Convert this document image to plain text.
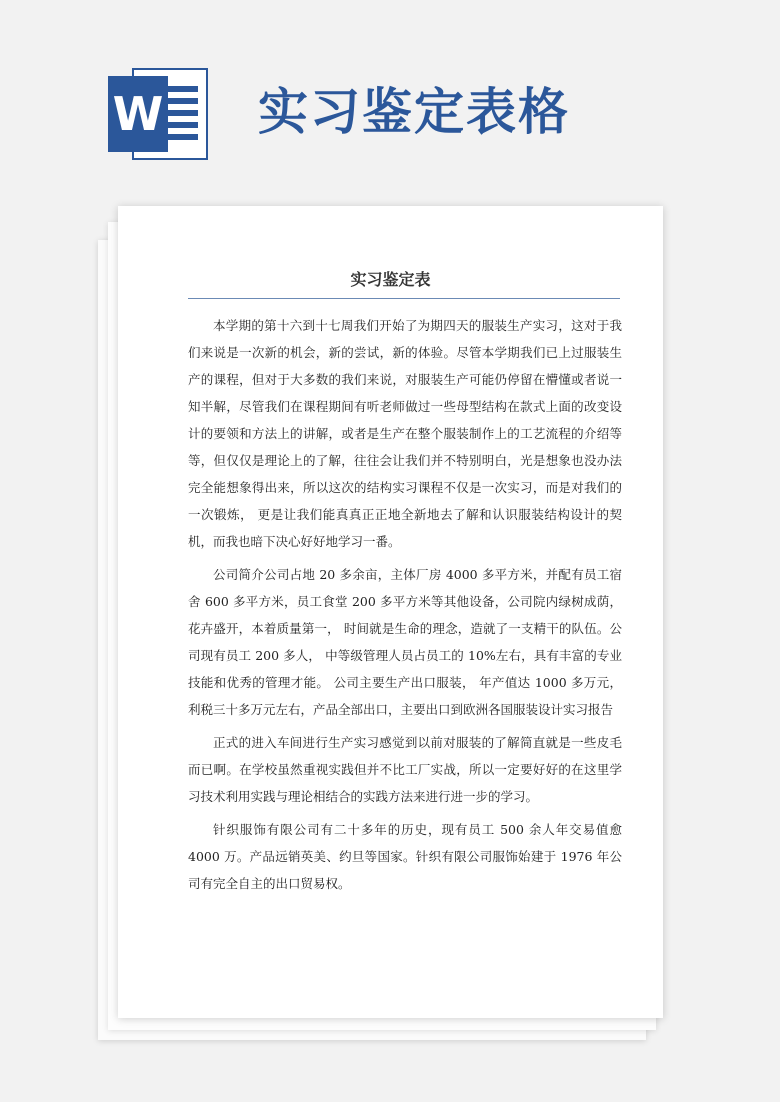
W 实习鉴定表格
实习鉴定表

本学期的第十六到十七周我们开始了为期四天的服装生产实习，这对于我们来说是一次新的机会，新的尝试，新的体验。尽管本学期我们已上过服装生产的课程，但对于大多数的我们来说，对服装生产可能仍停留在懵懂或者说一知半解，尽管我们在课程期间有听老师做过一些母型结构在款式上面的改变设计的要领和方法上的讲解，或者是生产在整个服装制作上的工艺流程的介绍等等，但仅仅是理论上的了解，往往会让我们并不特别明白，光是想象也没办法完全能想象得出来，所以这次的结构实习课程不仅是一次实习，而是对我们的一次锻炼， 更是让我们能真真正正地全新地去了解和认识服装结构设计的契机，而我也暗下决心好好地学习一番。

公司简介公司占地 20 多余亩，主体厂房 4000 多平方米，并配有员工宿舍 600 多平方米，员工食堂 200 多平方米等其他设备，公司院内绿树成荫，花卉盛开，本着质量第一， 时间就是生命的理念，造就了一支精干的队伍。公司现有员工 200 多人， 中等级管理人员占员工的 10%左右，具有丰富的专业技能和优秀的管理才能。 公司主要生产出口服装， 年产值达 1000 多万元，利税三十多万元左右，产品全部出口，主要出口到欧洲各国服装设计实习报告

正式的进入车间进行生产实习感觉到以前对服装的了解简直就是一些皮毛而已啊。在学校虽然重视实践但并不比工厂实战，所以一定要好好的在这里学习技术利用实践与理论相结合的实践方法来进行进一步的学习。

针织服饰有限公司有二十多年的历史，现有员工 500 余人年交易值愈 4000 万。产品远销英美、约旦等国家。针织有限公司服饰始建于 1976 年公司有完全自主的出口贸易权。
